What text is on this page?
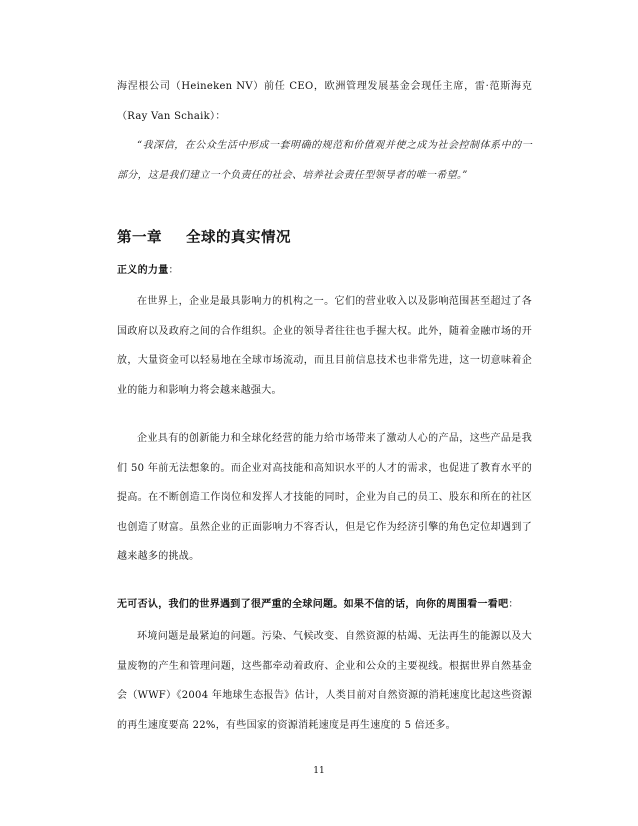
海涅根公司（Heineken NV）前任 CEO，欧洲管理发展基金会现任主席，雷·范斯海克（Ray Van Schaik）：

“我深信，在公众生活中形成一套明确的规范和价值观并使之成为社会控制体系中的一部分，这是我们建立一个负责任的社会、培养社会责任型领导者的唯一希望。”

第一章 全球的真实情况

正义的力量：

在世界上，企业是最具影响力的机构之一。它们的营业收入以及影响范围甚至超过了各国政府以及政府之间的合作组织。企业的领导者往往也手握大权。此外，随着金融市场的开放，大量资金可以轻易地在全球市场流动，而且目前信息技术也非常先进，这一切意味着企业的能力和影响力将会越来越强大。

企业具有的创新能力和全球化经营的能力给市场带来了激动人心的产品，这些产品是我们 50 年前无法想象的。而企业对高技能和高知识水平的人才的需求，也促进了教育水平的提高。在不断创造工作岗位和发挥人才技能的同时，企业为自己的员工、股东和所在的社区也创造了财富。虽然企业的正面影响力不容否认，但是它作为经济引擎的角色定位却遇到了越来越多的挑战。

无可否认，我们的世界遇到了很严重的全球问题。如果不信的话，向你的周围看一看吧：

环境问题是最紧迫的问题。污染、气候改变、自然资源的枯竭、无法再生的能源以及大量废物的产生和管理问题，这些都牵动着政府、企业和公众的主要视线。根据世界自然基金会（WWF）《2004 年地球生态报告》估计，人类目前对自然资源的消耗速度比起这些资源的再生速度要高 22%，有些国家的资源消耗速度是再生速度的 5 倍还多。

11
